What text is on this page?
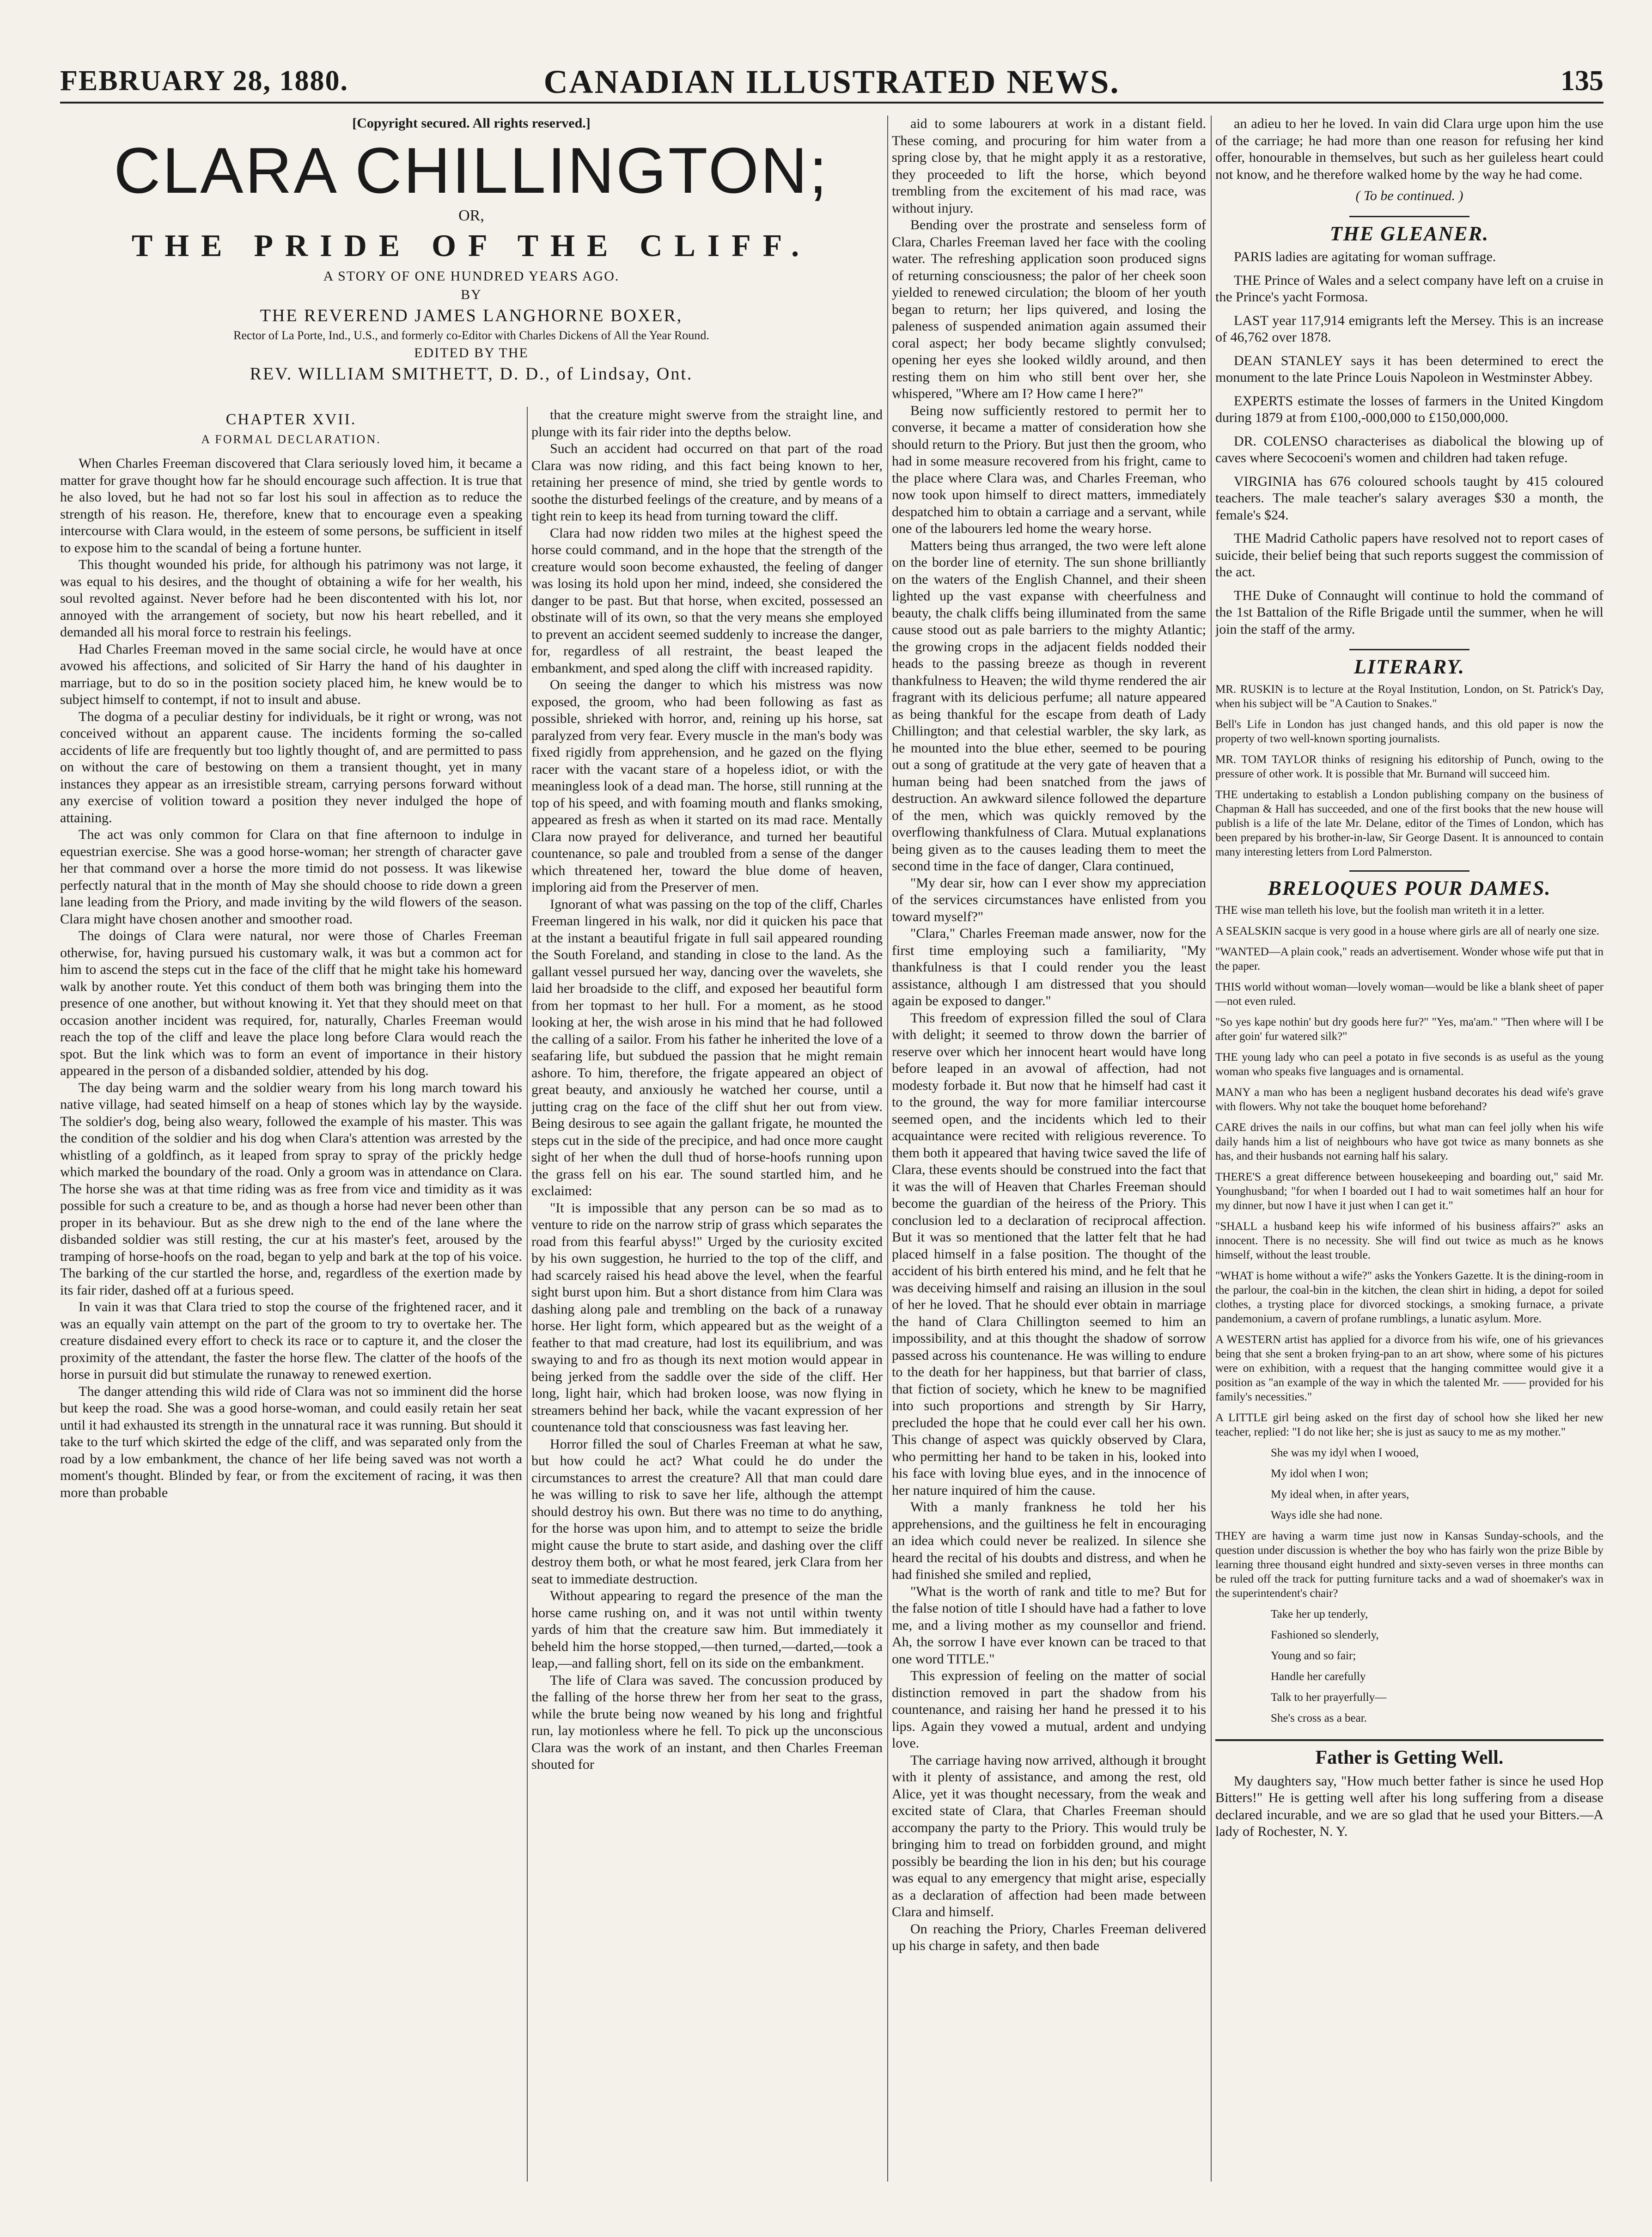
FEBRUARY 28, 1880.	CANADIAN ILLUSTRATED NEWS.	135
[Copyright secured. All rights reserved.]
CLARA CHILLINGTON;
OR,
THE PRIDE OF THE CLIFF.
A STORY OF ONE HUNDRED YEARS AGO.
BY
THE REVEREND JAMES LANGHORNE BOXER,
Rector of La Porte, Ind., U.S., and formerly co-Editor with Charles Dickens of All the Year Round.
EDITED BY THE
REV. WILLIAM SMITHETT, D. D., of Lindsay, Ont.
CHAPTER XVII.
A FORMAL DECLARATION.

When Charles Freeman discovered that Clara seriously loved him, it became a matter for grave thought how far he should encourage such affection. It is true that he also loved, but he had not so far lost his soul in affection as to reduce the strength of his reason. He, therefore, knew that to encourage even a speaking intercourse with Clara would, in the esteem of some persons, be sufficient in itself to expose him to the scandal of being a fortune hunter.

This thought wounded his pride, for although his patrimony was not large, it was equal to his desires, and the thought of obtaining a wife for her wealth, his soul revolted against. Never before had he been discontented with his lot, nor annoyed with the arrangement of society, but now his heart rebelled, and it demanded all his moral force to restrain his feelings.

Had Charles Freeman moved in the same social circle, he would have at once avowed his affections, and solicited of Sir Harry the hand of his daughter in marriage, but to do so in the position society placed him, he knew would be to subject himself to contempt, if not to insult and abuse.

The dogma of a peculiar destiny for individuals, be it right or wrong, was not conceived without an apparent cause. The incidents forming the so-called accidents of life are frequently but too lightly thought of, and are permitted to pass on without the care of bestowing on them a transient thought, yet in many instances they appear as an irresistible stream, carrying persons forward without any exercise of volition toward a position they never indulged the hope of attaining.

The act was only common for Clara on that fine afternoon to indulge in equestrian exercise. She was a good horse-woman; her strength of character gave her that command over a horse the more timid do not possess. It was likewise perfectly natural that in the month of May she should choose to ride down a green lane leading from the Priory, and made inviting by the wild flowers of the season. Clara might have chosen another and smoother road.

The doings of Clara were natural, nor were those of Charles Freeman otherwise, for, having pursued his customary walk, it was but a common act for him to ascend the steps cut in the face of the cliff that he might take his homeward walk by another route. Yet this conduct of them both was bringing them into the presence of one another, but without knowing it. Yet that they should meet on that occasion another incident was required, for, naturally, Charles Freeman would reach the top of the cliff and leave the place long before Clara would reach the spot. But the link which was to form an event of importance in their history appeared in the person of a disbanded soldier, attended by his dog.

The day being warm and the soldier weary from his long march toward his native village, had seated himself on a heap of stones which lay by the wayside. The soldier's dog, being also weary, followed the example of his master. This was the condition of the soldier and his dog when Clara's attention was arrested by the whistling of a goldfinch, as it leaped from spray to spray of the prickly hedge which marked the boundary of the road. Only a groom was in attendance on Clara. The horse she was at that time riding was as free from vice and timidity as it was possible for such a creature to be, and as though a horse had never been other than proper in its behaviour. But as she drew nigh to the end of the lane where the disbanded soldier was still resting, the cur at his master's feet, aroused by the tramping of horse-hoofs on the road, began to yelp and bark at the top of his voice. The barking of the cur startled the horse, and, regardless of the exertion made by its fair rider, dashed off at a furious speed.

In vain it was that Clara tried to stop the course of the frightened racer, and it was an equally vain attempt on the part of the groom to try to overtake her. The creature disdained every effort to check its race or to capture it, and the closer the proximity of the attendant, the faster the horse flew. The clatter of the hoofs of the horse in pursuit did but stimulate the runaway to renewed exertion.

The danger attending this wild ride of Clara was not so imminent did the horse but keep the road. She was a good horse-woman, and could easily retain her seat until it had exhausted its strength in the unnatural race it was running. But should it take to the turf which skirted the edge of the cliff, and was separated only from the road by a low embankment, the chance of her life being saved was not worth a moment's thought. Blinded by fear, or from the excitement of racing, it was then more than probable

that the creature might swerve from the straight line, and plunge with its fair rider into the depths below.

Such an accident had occurred on that part of the road Clara was now riding, and this fact being known to her, retaining her presence of mind, she tried by gentle words to soothe the disturbed feelings of the creature, and by means of a tight rein to keep its head from turning toward the cliff.

Clara had now ridden two miles at the highest speed the horse could command, and in the hope that the strength of the creature would soon become exhausted, the feeling of danger was losing its hold upon her mind, indeed, she considered the danger to be past. But that horse, when excited, possessed an obstinate will of its own, so that the very means she employed to prevent an accident seemed suddenly to increase the danger, for, regardless of all restraint, the beast leaped the embankment, and sped along the cliff with increased rapidity.

On seeing the danger to which his mistress was now exposed, the groom, who had been following as fast as possible, shrieked with horror, and, reining up his horse, sat paralyzed from very fear. Every muscle in the man's body was fixed rigidly from apprehension, and he gazed on the flying racer with the vacant stare of a hopeless idiot, or with the meaningless look of a dead man. The horse, still running at the top of his speed, and with foaming mouth and flanks smoking, appeared as fresh as when it started on its mad race. Mentally Clara now prayed for deliverance, and turned her beautiful countenance, so pale and troubled from a sense of the danger which threatened her, toward the blue dome of heaven, imploring aid from the Preserver of men.

Ignorant of what was passing on the top of the cliff, Charles Freeman lingered in his walk, nor did it quicken his pace that at the instant a beautiful frigate in full sail appeared rounding the South Foreland, and standing in close to the land. As the gallant vessel pursued her way, dancing over the wavelets, she laid her broadside to the cliff, and exposed her beautiful form from her topmast to her hull. For a moment, as he stood looking at her, the wish arose in his mind that he had followed the calling of a sailor. From his father he inherited the love of a seafaring life, but subdued the passion that he might remain ashore. To him, therefore, the frigate appeared an object of great beauty, and anxiously he watched her course, until a jutting crag on the face of the cliff shut her out from view. Being desirous to see again the gallant frigate, he mounted the steps cut in the side of the precipice, and had once more caught sight of her when the dull thud of horse-hoofs running upon the grass fell on his ear. The sound startled him, and he exclaimed:

"It is impossible that any person can be so mad as to venture to ride on the narrow strip of grass which separates the road from this fearful abyss!" Urged by the curiosity excited by his own suggestion, he hurried to the top of the cliff, and had scarcely raised his head above the level, when the fearful sight burst upon him. But a short distance from him Clara was dashing along pale and trembling on the back of a runaway horse. Her light form, which appeared but as the weight of a feather to that mad creature, had lost its equilibrium, and was swaying to and fro as though its next motion would appear in being jerked from the saddle over the side of the cliff. Her long, light hair, which had broken loose, was now flying in streamers behind her back, while the vacant expression of her countenance told that consciousness was fast leaving her.

Horror filled the soul of Charles Freeman at what he saw, but how could he act? What could he do under the circumstances to arrest the creature? All that man could dare he was willing to risk to save her life, although the attempt should destroy his own. But there was no time to do anything, for the horse was upon him, and to attempt to seize the bridle might cause the brute to start aside, and dashing over the cliff destroy them both, or what he most feared, jerk Clara from her seat to immediate destruction.

Without appearing to regard the presence of the man the horse came rushing on, and it was not until within twenty yards of him that the creature saw him. But immediately it beheld him the horse stopped,—then turned,—darted,—took a leap,—and falling short, fell on its side on the embankment.

The life of Clara was saved. The concussion produced by the falling of the horse threw her from her seat to the grass, while the brute being now weaned by his long and frightful run, lay motionless where he fell. To pick up the unconscious Clara was the work of an instant, and then Charles Freeman shouted for

aid to some labourers at work in a distant field. These coming, and procuring for him water from a spring close by, that he might apply it as a restorative, they proceeded to lift the horse, which beyond trembling from the excitement of his mad race, was without injury.

Bending over the prostrate and senseless form of Clara, Charles Freeman laved her face with the cooling water. The refreshing application soon produced signs of returning consciousness; the palor of her cheek soon yielded to renewed circulation; the bloom of her youth began to return; her lips quivered, and losing the paleness of suspended animation again assumed their coral aspect; her body became slightly convulsed; opening her eyes she looked wildly around, and then resting them on him who still bent over her, she whispered, "Where am I? How came I here?"

Being now sufficiently restored to permit her to converse, it became a matter of consideration how she should return to the Priory. But just then the groom, who had in some measure recovered from his fright, came to the place where Clara was, and Charles Freeman, who now took upon himself to direct matters, immediately despatched him to obtain a carriage and a servant, while one of the labourers led home the weary horse.

Matters being thus arranged, the two were left alone on the border line of eternity. The sun shone brilliantly on the waters of the English Channel, and their sheen lighted up the vast expanse with cheerfulness and beauty, the chalk cliffs being illuminated from the same cause stood out as pale barriers to the mighty Atlantic; the growing crops in the adjacent fields nodded their heads to the passing breeze as though in reverent thankfulness to Heaven; the wild thyme rendered the air fragrant with its delicious perfume; all nature appeared as being thankful for the escape from death of Lady Chillington; and that celestial warbler, the sky lark, as he mounted into the blue ether, seemed to be pouring out a song of gratitude at the very gate of heaven that a human being had been snatched from the jaws of destruction. An awkward silence followed the departure of the men, which was quickly removed by the overflowing thankfulness of Clara. Mutual explanations being given as to the causes leading them to meet the second time in the face of danger, Clara continued,

"My dear sir, how can I ever show my appreciation of the services circumstances have enlisted from you toward myself?"

"Clara," Charles Freeman made answer, now for the first time employing such a familiarity, "My thankfulness is that I could render you the least assistance, although I am distressed that you should again be exposed to danger."

This freedom of expression filled the soul of Clara with delight; it seemed to throw down the barrier of reserve over which her innocent heart would have long before leaped in an avowal of affection, had not modesty forbade it. But now that he himself had cast it to the ground, the way for more familiar intercourse seemed open, and the incidents which led to their acquaintance were recited with religious reverence. To them both it appeared that having twice saved the life of Clara, these events should be construed into the fact that it was the will of Heaven that Charles Freeman should become the guardian of the heiress of the Priory. This conclusion led to a declaration of reciprocal affection. But it was so mentioned that the latter felt that he had placed himself in a false position. The thought of the accident of his birth entered his mind, and he felt that he was deceiving himself and raising an illusion in the soul of her he loved. That he should ever obtain in marriage the hand of Clara Chillington seemed to him an impossibility, and at this thought the shadow of sorrow passed across his countenance. He was willing to endure to the death for her happiness, but that barrier of class, that fiction of society, which he knew to be magnified into such proportions and strength by Sir Harry, precluded the hope that he could ever call her his own. This change of aspect was quickly observed by Clara, who permitting her hand to be taken in his, looked into his face with loving blue eyes, and in the innocence of her nature inquired of him the cause.

With a manly frankness he told her his apprehensions, and the guiltiness he felt in encouraging an idea which could never be realized. In silence she heard the recital of his doubts and distress, and when he had finished she smiled and replied,

"What is the worth of rank and title to me? But for the false notion of title I should have had a father to love me, and a living mother as my counsellor and friend. Ah, the sorrow I have ever known can be traced to that one word TITLE."

This expression of feeling on the matter of social distinction removed in part the shadow from his countenance, and raising her hand he pressed it to his lips. Again they vowed a mutual, ardent and undying love.

The carriage having now arrived, although it brought with it plenty of assistance, and among the rest, old Alice, yet it was thought necessary, from the weak and excited state of Clara, that Charles Freeman should accompany the party to the Priory. This would truly be bringing him to tread on forbidden ground, and might possibly be bearding the lion in his den; but his courage was equal to any emergency that might arise, especially as a declaration of affection had been made between Clara and himself.

On reaching the Priory, Charles Freeman delivered up his charge in safety, and then bade

an adieu to her he loved. In vain did Clara urge upon him the use of the carriage; he had more than one reason for refusing her kind offer, honourable in themselves, but such as her guileless heart could not know, and he therefore walked home by the way he had come.

( To be continued. )

THE GLEANER.

PARIS ladies are agitating for woman suffrage.

THE Prince of Wales and a select company have left on a cruise in the Prince's yacht Formosa.

LAST year 117,914 emigrants left the Mersey. This is an increase of 46,762 over 1878.

DEAN STANLEY says it has been determined to erect the monument to the late Prince Louis Napoleon in Westminster Abbey.

EXPERTS estimate the losses of farmers in the United Kingdom during 1879 at from £100,-000,000 to £150,000,000.

DR. COLENSO characterises as diabolical the blowing up of caves where Secocoeni's women and children had taken refuge.

VIRGINIA has 676 coloured schools taught by 415 coloured teachers. The male teacher's salary averages $30 a month, the female's $24.

THE Madrid Catholic papers have resolved not to report cases of suicide, their belief being that such reports suggest the commission of the act.

THE Duke of Connaught will continue to hold the command of the 1st Battalion of the Rifle Brigade until the summer, when he will join the staff of the army.

LITERARY.

MR. RUSKIN is to lecture at the Royal Institution, London, on St. Patrick's Day, when his subject will be "A Caution to Snakes."

Bell's Life in London has just changed hands, and this old paper is now the property of two well-known sporting journalists.

MR. TOM TAYLOR thinks of resigning his editorship of Punch, owing to the pressure of other work. It is possible that Mr. Burnand will succeed him.

THE undertaking to establish a London publishing company on the business of Chapman & Hall has succeeded, and one of the first books that the new house will publish is a life of the late Mr. Delane, editor of the Times of London, which has been prepared by his brother-in-law, Sir George Dasent. It is announced to contain many interesting letters from Lord Palmerston.

BRELOQUES POUR DAMES.

THE wise man telleth his love, but the foolish man writeth it in a letter.

A SEALSKIN sacque is very good in a house where girls are all of nearly one size.

"WANTED—A plain cook," reads an advertisement. Wonder whose wife put that in the paper.

THIS world without woman—lovely woman—would be like a blank sheet of paper—not even ruled.

"So yes kape nothin' but dry goods here fur?" "Yes, ma'am." "Then where will I be after goin' fur watered silk?"

THE young lady who can peel a potato in five seconds is as useful as the young woman who speaks five languages and is ornamental.

MANY a man who has been a negligent husband decorates his dead wife's grave with flowers. Why not take the bouquet home beforehand?

CARE drives the nails in our coffins, but what man can feel jolly when his wife daily hands him a list of neighbours who have got twice as many bonnets as she has, and their husbands not earning half his salary.

THERE'S a great difference between housekeeping and boarding out," said Mr. Younghusband; "for when I boarded out I had to wait sometimes half an hour for my dinner, but now I have it just when I can get it."

"SHALL a husband keep his wife informed of his business affairs?" asks an innocent. There is no necessity. She will find out twice as much as he knows himself, without the least trouble.

"WHAT is home without a wife?" asks the Yonkers Gazette. It is the dining-room in the parlour, the coal-bin in the kitchen, the clean shirt in hiding, a depot for soiled clothes, a trysting place for divorced stockings, a smoking furnace, a private pandemonium, a cavern of profane rumblings, a lunatic asylum. More.

A WESTERN artist has applied for a divorce from his wife, one of his grievances being that she sent a broken frying-pan to an art show, where some of his pictures were on exhibition, with a request that the hanging committee would give it a position as "an example of the way in which the talented Mr. —— provided for his family's necessities."

A LITTLE girl being asked on the first day of school how she liked her new teacher, replied: "I do not like her; she is just as saucy to me as my mother."

She was my idyl when I wooed,

My idol when I won;

My ideal when, in after years,

Ways idle she had none.

THEY are having a warm time just now in Kansas Sunday-schools, and the question under discussion is whether the boy who has fairly won the prize Bible by learning three thousand eight hundred and sixty-seven verses in three months can be ruled off the track for putting furniture tacks and a wad of shoemaker's wax in the superintendent's chair?

Take her up tenderly,

Fashioned so slenderly,

Young and so fair;

Handle her carefully

Talk to her prayerfully—

She's cross as a bear.

Father is Getting Well.

My daughters say, "How much better father is since he used Hop Bitters!" He is getting well after his long suffering from a disease declared incurable, and we are so glad that he used your Bitters.—A lady of Rochester, N. Y.
